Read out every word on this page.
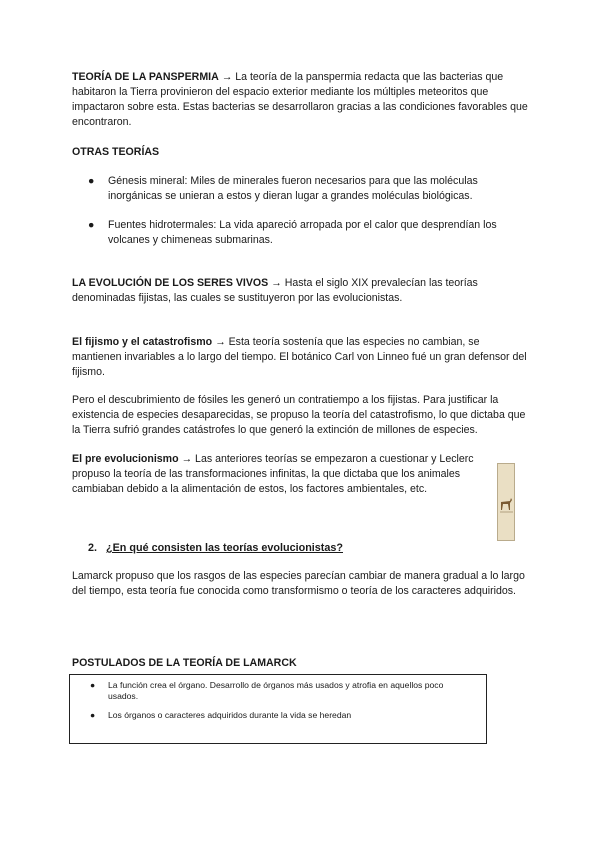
TEORÍA DE LA PANSPERMIA → La teoría de la panspermia redacta que las bacterias que habitaron la Tierra provinieron del espacio exterior mediante los múltiples meteoritos que impactaron sobre esta. Estas bacterias se desarrollaron gracias a las condiciones favorables que encontraron.

OTRAS TEORÍAS

● Génesis mineral: Miles de minerales fueron necesarios para que las moléculas inorgánicas se unieran a estos y dieran lugar a grandes moléculas biológicas.
● Fuentes hidrotermales: La vida apareció arropada por el calor que desprendían los volcanes y chimeneas submarinas.

LA EVOLUCIÓN DE LOS SERES VIVOS → Hasta el siglo XIX prevalecían las teorías denominadas fijistas, las cuales se sustituyeron por las evolucionistas.

El fijismo y el catastrofismo → Esta teoría sostenía que las especies no cambian, se mantienen invariables a lo largo del tiempo. El botánico Carl von Linneo fué un gran defensor del fijismo.

Pero el descubrimiento de fósiles les generó un contratiempo a los fijistas. Para justificar la existencia de especies desaparecidas, se propuso la teoría del catastrofismo, lo que dictaba que la Tierra sufrió grandes catástrofes lo que generó la extinción de millones de especies.

El pre evolucionismo → Las anteriores teorías se empezaron a cuestionar y Leclerc propuso la teoría de las transformaciones infinitas, la que dictaba que los animales cambiaban debido a la alimentación de estos, los factores ambientales, etc.

2. ¿En qué consisten las teorías evolucionistas?

Lamarck propuso que los rasgos de las especies parecían cambiar de manera gradual a lo largo del tiempo, esta teoría fue conocida como transformismo o teoría de los caracteres adquiridos.

POSTULADOS DE LA TEORÍA DE LAMARCK

● La función crea el órgano. Desarrollo de órganos más usados y atrofia en aquellos poco usados.
● Los órganos o caracteres adquiridos durante la vida se heredan
